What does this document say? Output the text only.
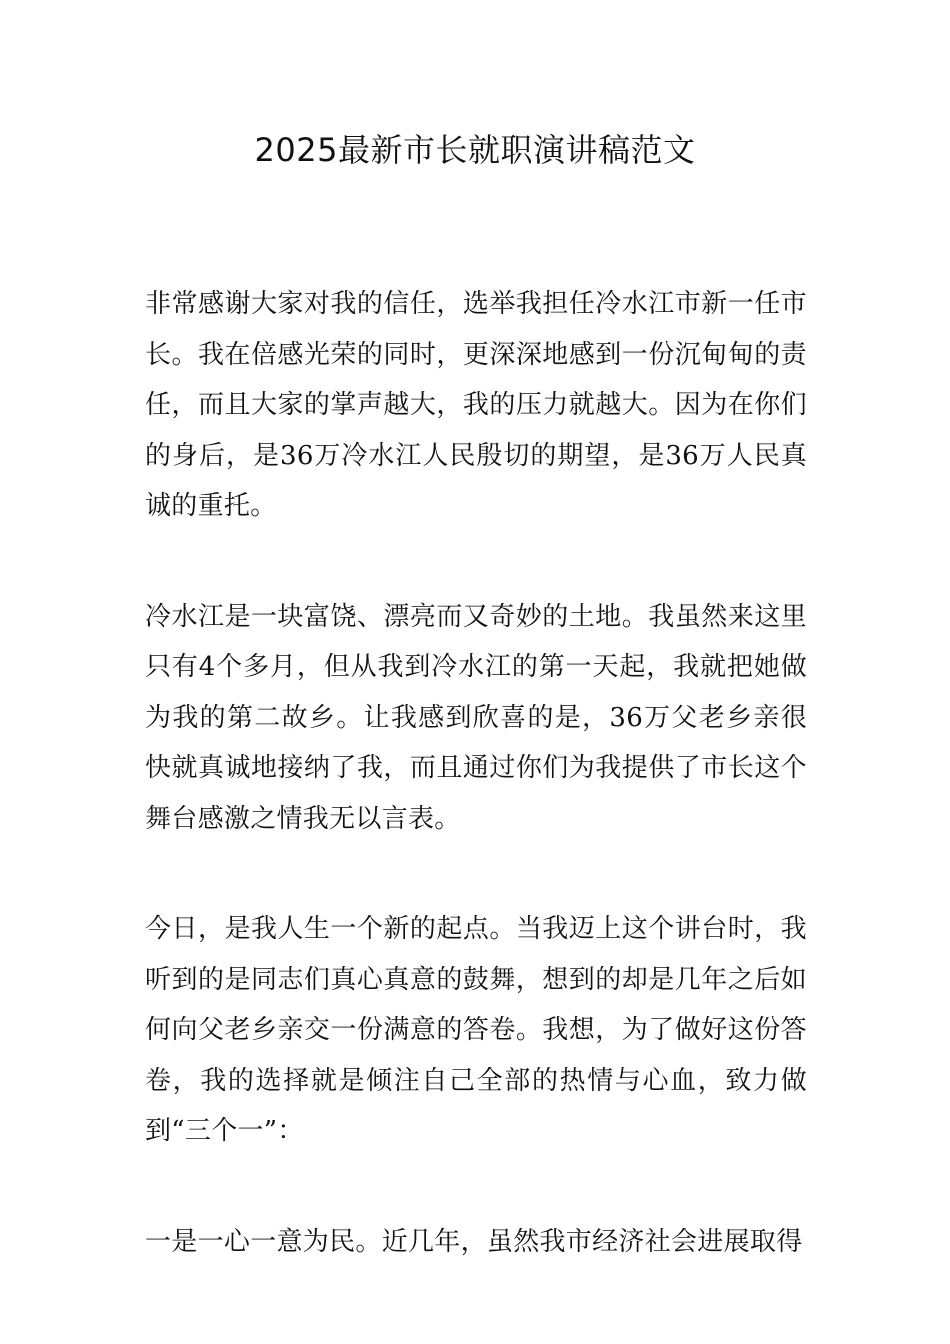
2025最新市长就职演讲稿范文

非常感谢大家对我的信任，选举我担任冷水江市新一任市长。我在倍感光荣的同时，更深深地感到一份沉甸甸的责任，而且大家的掌声越大，我的压力就越大。因为在你们的身后，是36万冷水江人民殷切的期望，是36万人民真诚的重托。

冷水江是一块富饶、漂亮而又奇妙的土地。我虽然来这里只有4个多月，但从我到冷水江的第一天起，我就把她做为我的第二故乡。让我感到欣喜的是，36万父老乡亲很快就真诚地接纳了我，而且通过你们为我提供了市长这个舞台感激之情我无以言表。

今日，是我人生一个新的起点。当我迈上这个讲台时，我听到的是同志们真心真意的鼓舞，想到的却是几年之后如何向父老乡亲交一份满意的答卷。我想，为了做好这份答卷，我的选择就是倾注自己全部的热情与心血，致力做到“三个一”：

一是一心一意为民。近几年，虽然我市经济社会进展取得
